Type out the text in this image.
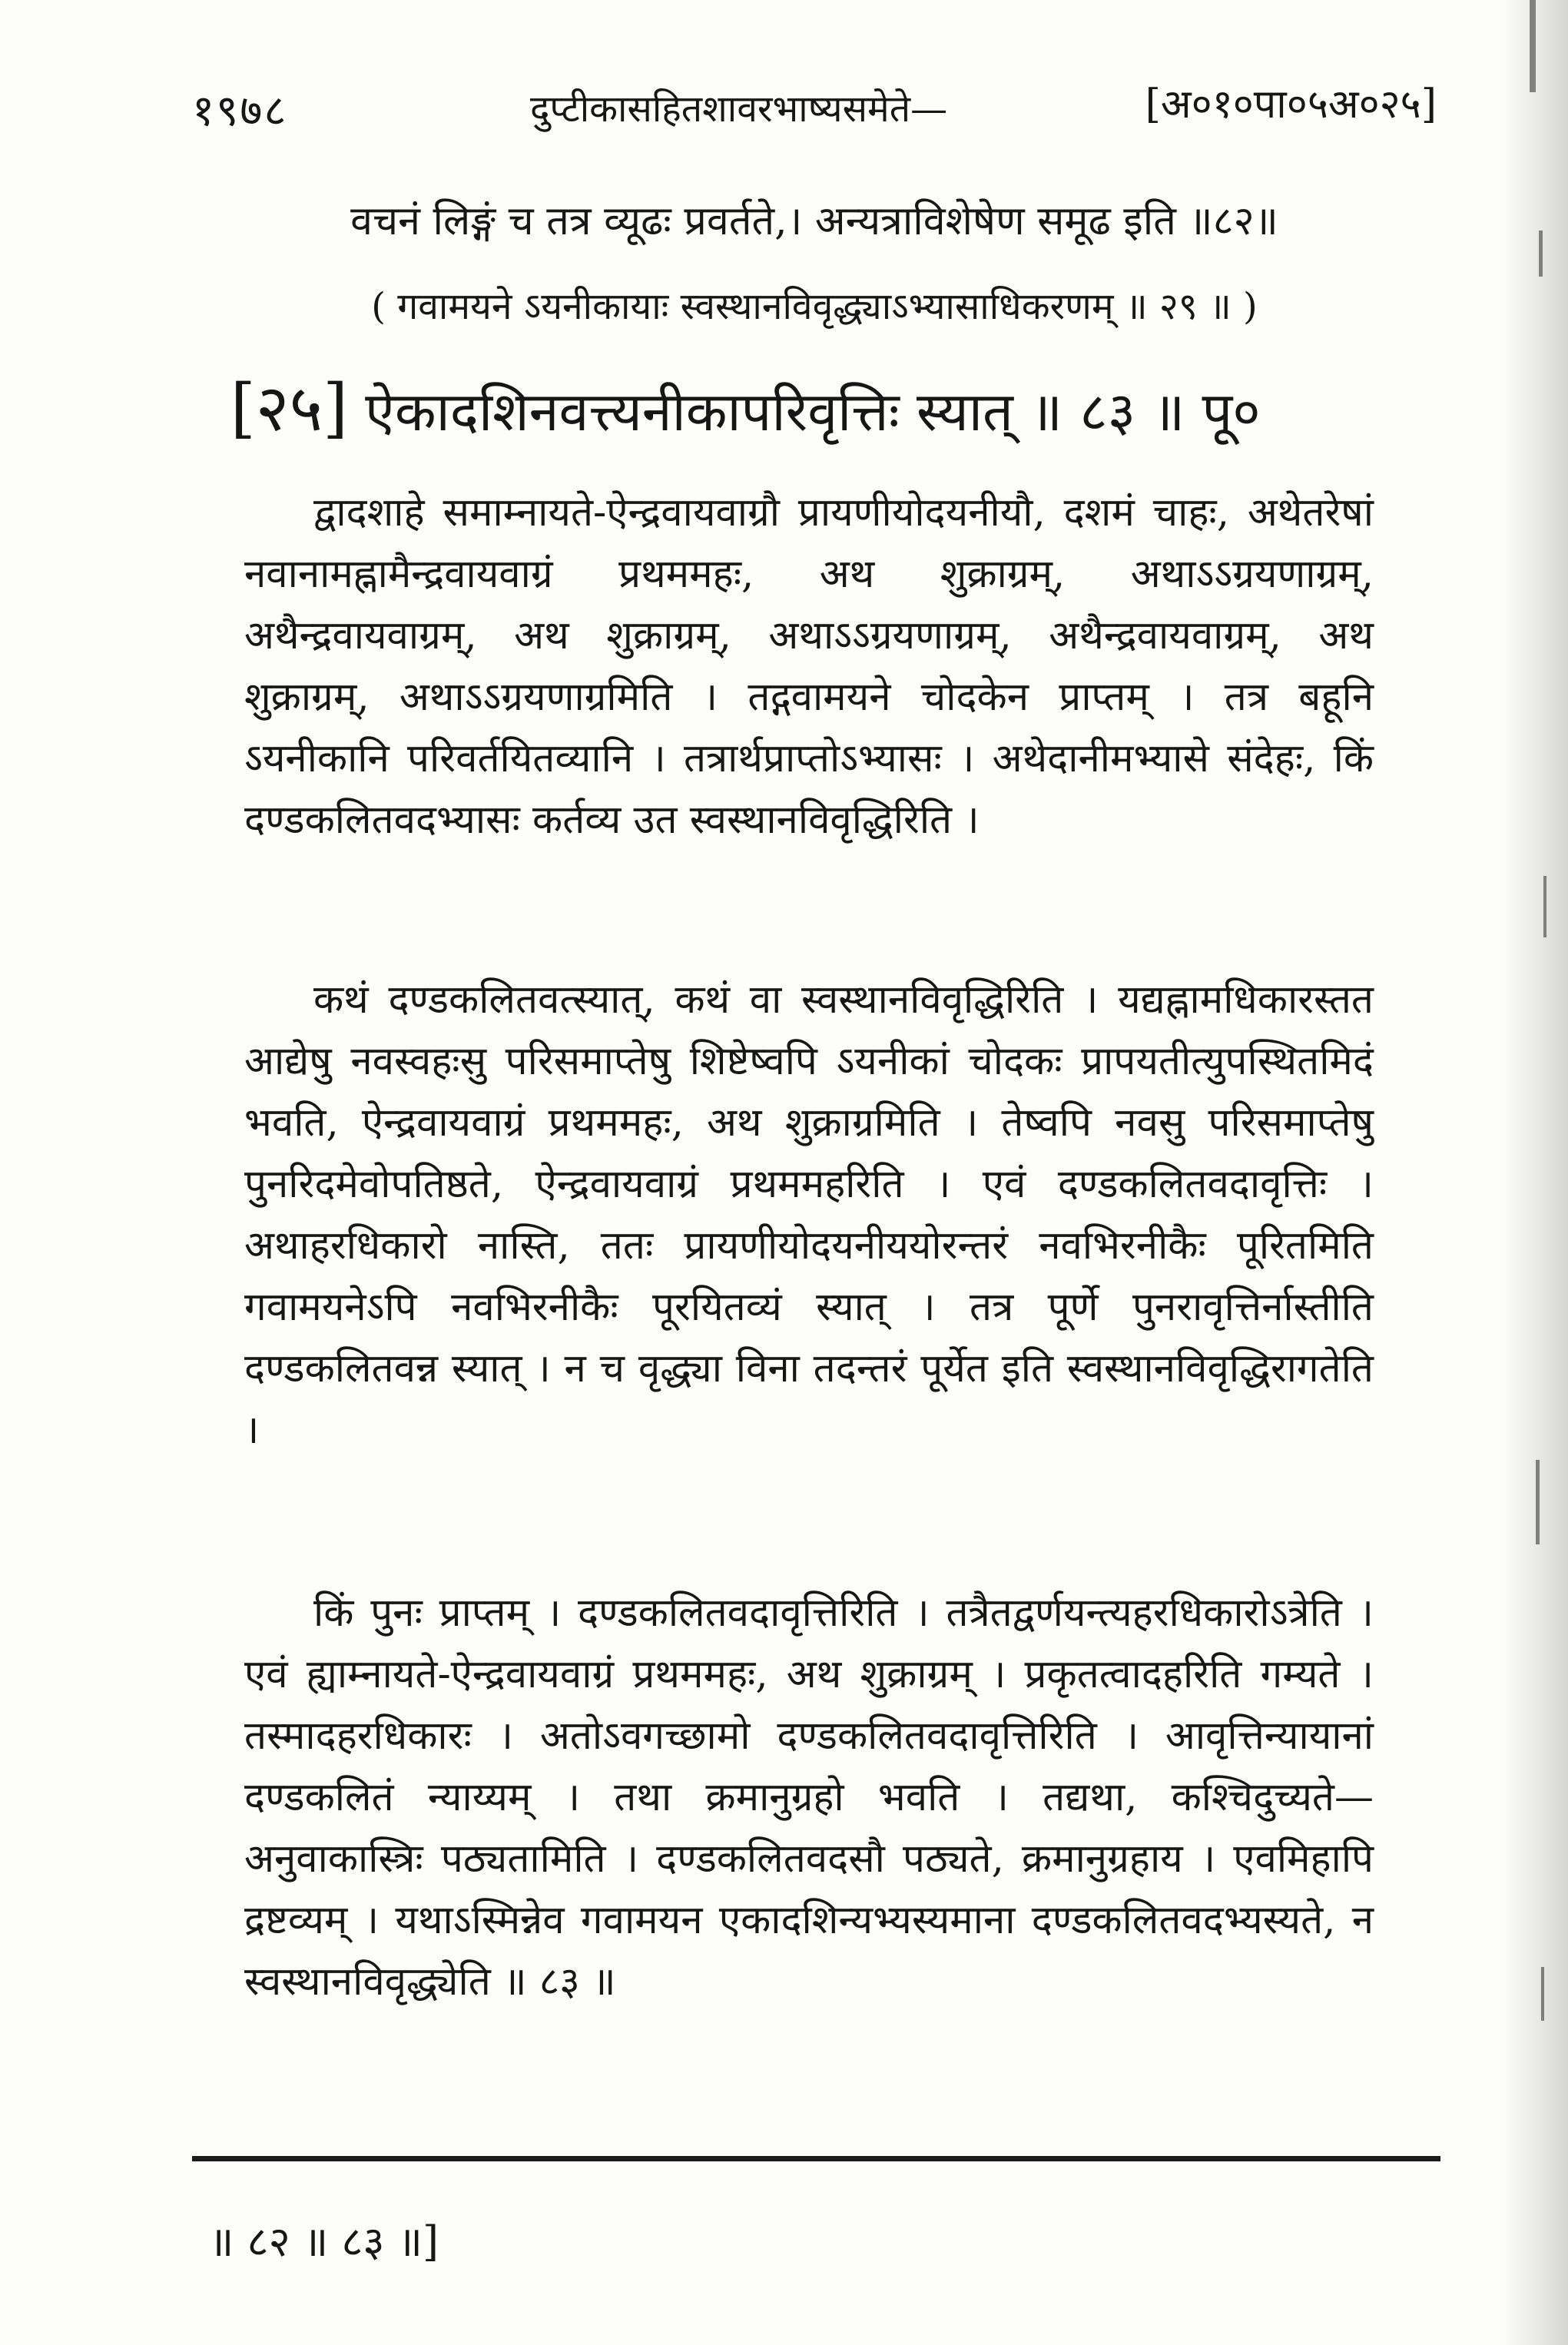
१९७८	दुप्टीकासहितशावरभाष्यसमेते—	[अ०१०पा०५अ०२५]
वचनं लिङ्गं च तत्र व्यूढः प्रवर्तते,। अन्यत्राविशेषेण समूढ इति ॥८२॥
( गवामयने ऽयनीकायाः स्वस्थानविवृद्ध्याऽभ्यासाधिकरणम् ॥ २९ ॥ )
[२५] ऐकादशिनवत्त्यनीकापरिवृत्तिः स्यात् ॥ ८३ ॥ पू०

द्वादशाहे समाम्नायते-ऐन्द्रवायवाग्रौ प्रायणीयोदयनीयौ, दशमं चाहः, अथेतरेषां नवानामह्नामैन्द्रवायवाग्रं प्रथममहः, अथ शुक्राग्रम्, अथाऽऽग्रयणाग्रम्, अथैन्द्रवायवाग्रम्, अथ शुक्राग्रम्, अथाऽऽग्रयणाग्रम्, अथैन्द्रवायवाग्रम्, अथ शुक्राग्रम्, अथाऽऽग्रयणाग्रमिति । तद्गवामयने चोदकेन प्राप्तम् । तत्र बहूनि ऽयनीकानि परिवर्तयितव्यानि । तत्रार्थप्राप्तोऽभ्यासः । अथेदानीमभ्यासे संदेहः, किं दण्डकलितवदभ्यासः कर्तव्य उत स्वस्थानविवृद्धिरिति ।

कथं दण्डकलितवत्स्यात्, कथं वा स्वस्थानविवृद्धिरिति । यद्यह्नामधिकारस्तत आद्येषु नवस्वहःसु परिसमाप्तेषु शिष्टेष्वपि ऽयनीकां चोदकः प्रापयतीत्युपस्थितमिदं भवति, ऐन्द्रवायवाग्रं प्रथममहः, अथ शुक्राग्रमिति । तेष्वपि नवसु परिसमाप्तेषु पुनरिदमेवोपतिष्ठते, ऐन्द्रवायवाग्रं प्रथममहरिति । एवं दण्डकलितवदावृत्तिः । अथाहरधिकारो नास्ति, ततः प्रायणीयोदयनीययोरन्तरं नवभिरनीकैः पूरितमिति गवामयनेऽपि नवभिरनीकैः पूरयितव्यं स्यात् । तत्र पूर्णे पुनरावृत्तिर्नास्तीति दण्डकलितवन्न स्यात् । न च वृद्ध्या विना तदन्तरं पूर्येत इति स्वस्थानविवृद्धिरागतेति ।

किं पुनः प्राप्तम् । दण्डकलितवदावृत्तिरिति । तत्रैतद्वर्णयन्त्यहरधिकारोऽत्रेति । एवं ह्याम्नायते-ऐन्द्रवायवाग्रं प्रथममहः, अथ शुक्राग्रम् । प्रकृतत्वादहरिति गम्यते । तस्मादहरधिकारः । अतोऽवगच्छामो दण्डकलितवदावृत्तिरिति । आवृत्तिन्यायानां दण्डकलितं न्याय्यम् । तथा क्रमानुग्रहो भवति । तद्यथा, कश्चिदुच्यते—अनुवाकास्त्रिः पठ्यतामिति । दण्डकलितवदसौ पठ्यते, क्रमानुग्रहाय । एवमिहापि द्रष्टव्यम् । यथाऽस्मिन्नेव गवामयन एकादशिन्यभ्यस्यमाना दण्डकलितवदभ्यस्यते, न स्वस्थानविवृद्ध्येति ॥ ८३ ॥

॥ ८२ ॥ ८३ ॥]
